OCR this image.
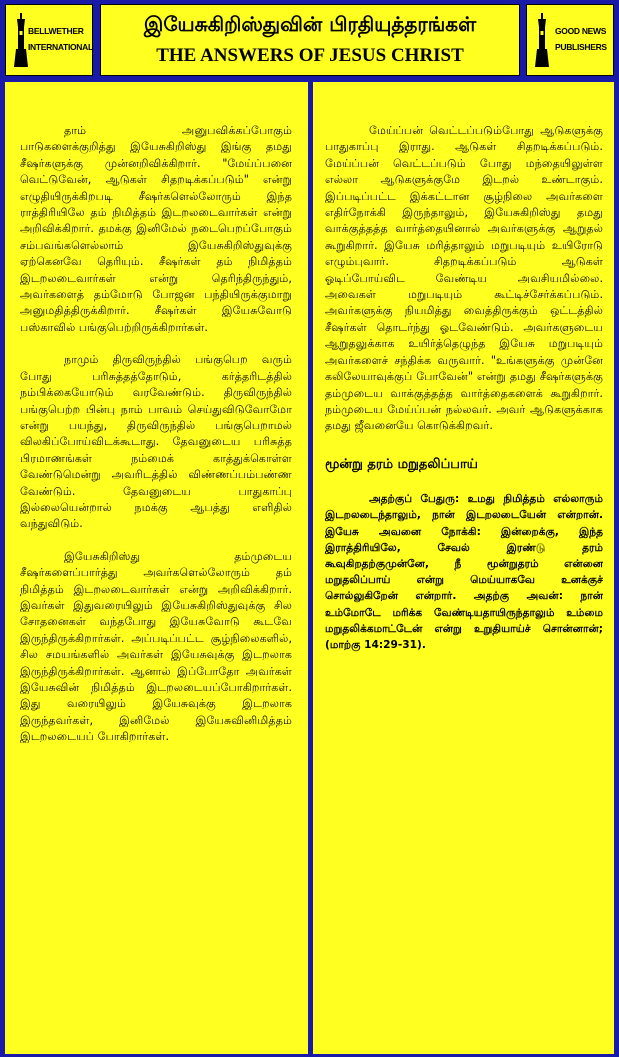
BELLWETHER
INTERNATIONAL
இயேசுகிறிஸ்துவின் பிரதியுத்தரங்கள்
THE ANSWERS OF JESUS CHRIST
GOOD NEWS
PUBLISHERS

தாம் அனுபவிக்கப்போகும் பாடுகளைக்குறித்து இயேசுகிறிஸ்து இங்கு தமது சீஷர்களுக்கு முன்னறிவிக்கிறார். "மேய்ப்பனை வெட்டுவேன், ஆடுகள் சிதறடிக்கப்படும்" என்று எழுதியிருக்கிறபடி சீஷர்களெல்லோரும் இந்த ராத்திரியிலே தம் நிமித்தம் இடறலடைவார்கள் என்று அறிவிக்கிறார். தமக்கு இனிமேல் நடைபெறப்போகும் சம்பவங்களெல்லாம் இயேசுகிறிஸ்துவுக்கு ஏற்கெனவே தெரியும். சீஷர்கள் தம் நிமித்தம் இடறலடைவார்கள் என்று தெரிந்திருந்தும், அவர்களைத் தம்மோடு போஜன பந்தியிருக்குமாறு அனுமதித்திருக்கிறார். சீஷர்கள் இயேசுவோடு பஸ்காவில் பங்குபெற்றிருக்கிறார்கள்.

நாமும் திருவிருந்தில் பங்குபெற வரும் போது பரிசுத்தத்தோடும், கர்த்தரிடத்தில் நம்பிக்கையோடும் வரவேண்டும். திருவிருந்தில் பங்குபெற்ற பின்பு நாம் பாவம் செய்துவிடுவோமோ என்று பயந்து, திருவிருந்தில் பங்குபெறாமல் விலகிப்போய்விடக்கூடாது. தேவனுடைய பரிசுத்த பிரமாணங்கள் நம்மைக் காத்துக்கொள்ள வேண்டுமென்று அவரிடத்தில் விண்ணப்பம்பண்ண வேண்டும். தேவனுடைய பாதுகாப்பு இல்லையென்றால் நமக்கு ஆபத்து எளிதில் வந்துவிடும்.

இயேசுகிறிஸ்து தம்முடைய சீஷர்களைப்பார்த்து அவர்களெல்லோரும் தம் நிமித்தம் இடறலடைவார்கள் என்று அறிவிக்கிறார். இவர்கள் இதுவரையிலும் இயேசுகிறிஸ்துவுக்கு சில சோதனைகள் வந்தபோது இயேசுவோடு கூடவே இருந்திருக்கிறார்கள். அப்படிப்பட்ட சூழ்நிலைகளில், சில சமயங்களில் அவர்கள் இயேசுவுக்கு இடறலாக இருந்திருக்கிறார்கள். ஆனால் இப்போதோ அவர்கள் இயேசுவின் நிமித்தம் இடறலடையப்போகிறார்கள். இது வரையிலும் இயேசுவுக்கு இடறலாக இருந்தவர்கள், இனிமேல் இயேசுவினிமித்தம் இடறலடையப் போகிறார்கள்.

மேய்ப்பன் வெட்டப்படும்போது ஆடுகளுக்கு பாதுகாப்பு இராது. ஆடுகள் சிதறடிக்கப்படும். மேய்ப்பன் வெட்டப்படும் போது மந்தையிலுள்ள எல்லா ஆடுகளுக்குமே இடறல் உண்டாகும். இப்படிப்பட்ட இக்கட்டான சூழ்நிலை அவர்களை எதிர்நோக்கி இருந்தாலும், இயேசுகிறிஸ்து தமது வாக்குத்தத்த வார்த்தையினால் அவர்களுக்கு ஆறுதல் கூறுகிறார். இயேசு மரித்தாலும் மறுபடியும் உயிரோடு எழும்புவார். சிதறடிக்கப்படும் ஆடுகள் ஓடிப்போய்விட வேண்டிய அவசியமில்லை. அவைகள் மறுபடியும் கூட்டிச்சேர்க்கப்படும். அவர்களுக்கு நியமித்து வைத்திருக்கும் ஒட்டத்தில் சீஷர்கள் தொடர்ந்து ஓடவேண்டும். அவர்களுடைய ஆறுதலுக்காக உயிர்த்தெழுந்த இயேசு மறுபடியும் அவர்களைச் சந்திக்க வருவார். "உங்களுக்கு முன்னே கலிலேயாவுக்குப் போவேன்" என்று தமது சீஷர்களுக்கு தம்முடைய வாக்குத்தத்த வார்த்தைகளைக் கூறுகிறார். நம்முடைய மேய்ப்பன் நல்லவர். அவர் ஆடுகளுக்காக தமது ஜீவனையே கொடுக்கிறவர்.

மூன்று தரம் மறுதலிப்பாய்

அதற்குப் பேதுரு: உமது நிமித்தம் எல்லாரும் இடறலடைந்தாலும், நான் இடறலடையேன் என்றான். இயேசு அவனை நோக்கி: இன்றைக்கு, இந்த இராத்திரியிலே, சேவல் இரண்டு தரம் கூவுகிறதற்குமுன்னே, நீ மூன்றுதரம் என்னை மறுதலிப்பாய் என்று மெய்யாகவே உனக்குச் சொல்லுகிறேன் என்றார். அதற்கு அவன்: நான் உம்மோடே மரிக்க வேண்டியதாயிருந்தாலும் உம்மை மறுதலிக்கமாட்டேன் என்று உறுதியாய்ச் சொன்னான்; (மாற்கு 14:29-31).
